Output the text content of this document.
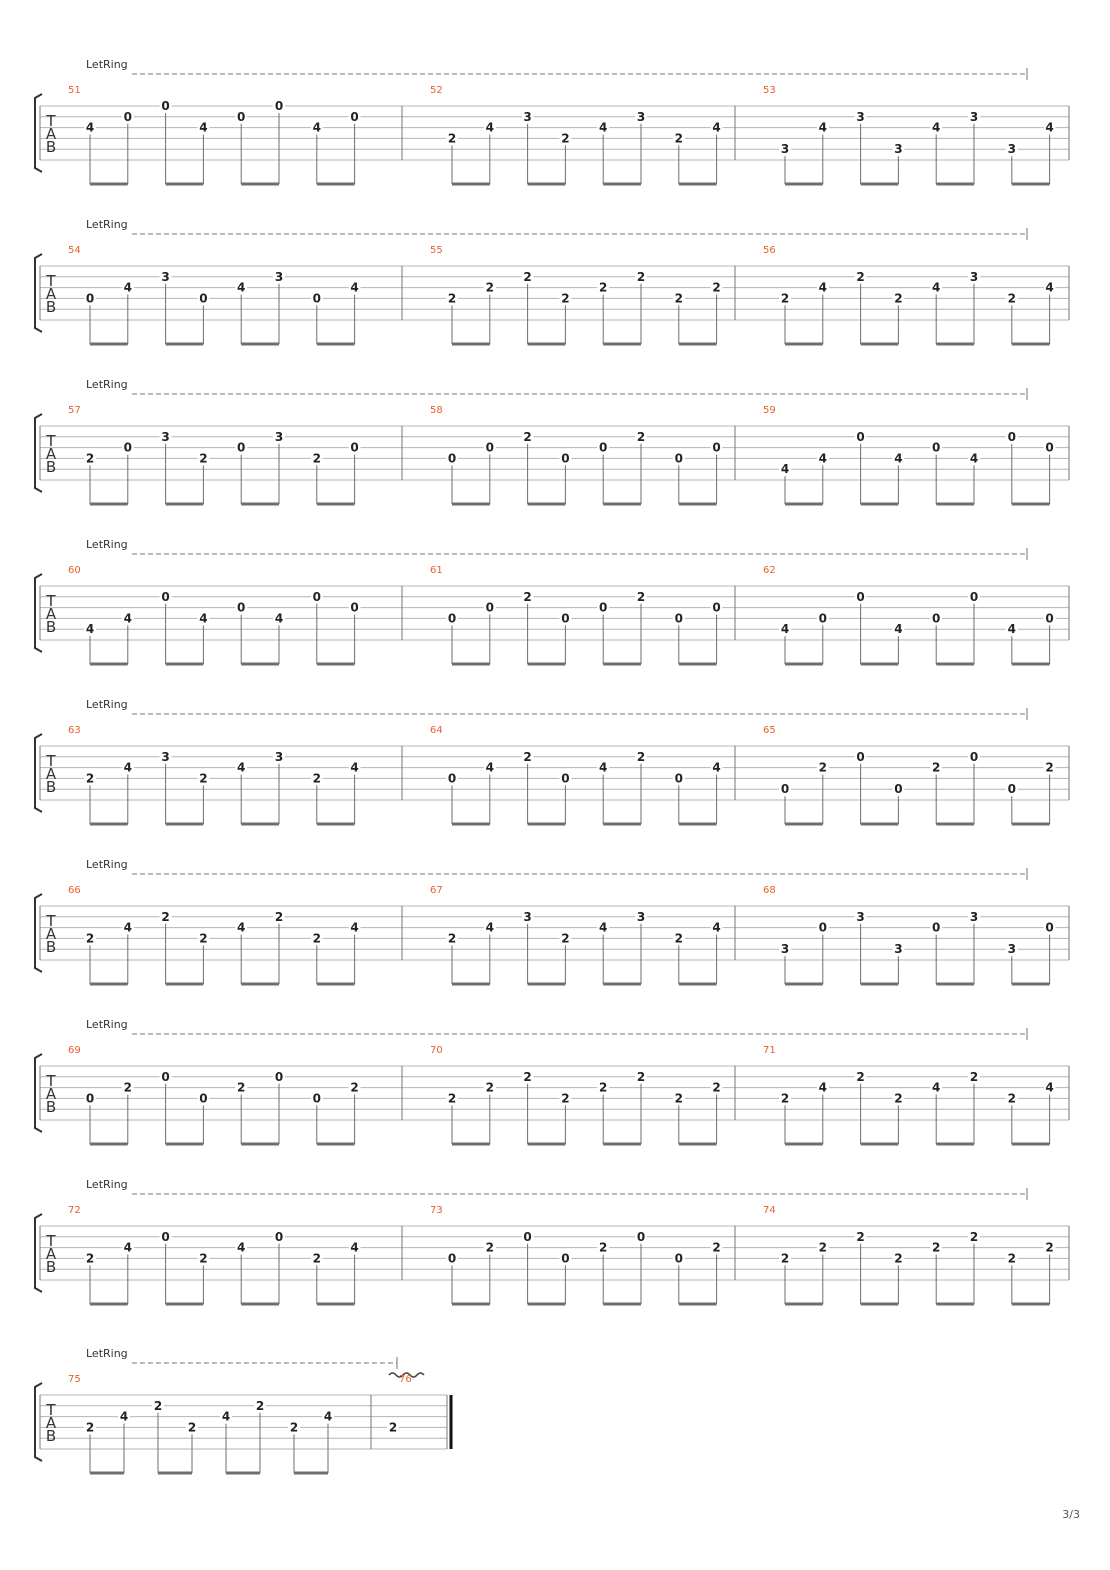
LetRing
T
A
B
51
4
0
0
4
0
0
4
0
52
2
4
3
2
4
3
2
4
53
3
4
3
3
4
3
3
4
LetRing
T
A
B
54
0
4
3
0
4
3
0
4
55
2
2
2
2
2
2
2
2
56
2
4
2
2
4
3
2
4
LetRing
T
A
B
57
2
0
3
2
0
3
2
0
58
0
0
2
0
0
2
0
0
59
4
4
0
4
0
4
0
0
LetRing
T
A
B
60
4
4
0
4
0
4
0
0
61
0
0
2
0
0
2
0
0
62
4
0
0
4
0
0
4
0
LetRing
T
A
B
63
2
4
3
2
4
3
2
4
64
0
4
2
0
4
2
0
4
65
0
2
0
0
2
0
0
2
LetRing
T
A
B
66
2
4
2
2
4
2
2
4
67
2
4
3
2
4
3
2
4
68
3
0
3
3
0
3
3
0
LetRing
T
A
B
69
0
2
0
0
2
0
0
2
70
2
2
2
2
2
2
2
2
71
2
4
2
2
4
2
2
4
LetRing
T
A
B
72
2
4
0
2
4
0
2
4
73
0
2
0
0
2
0
0
2
74
2
2
2
2
2
2
2
2
LetRing
T
A
B
75
2
4
2
2
4
2
2
4
76
2
3/3
